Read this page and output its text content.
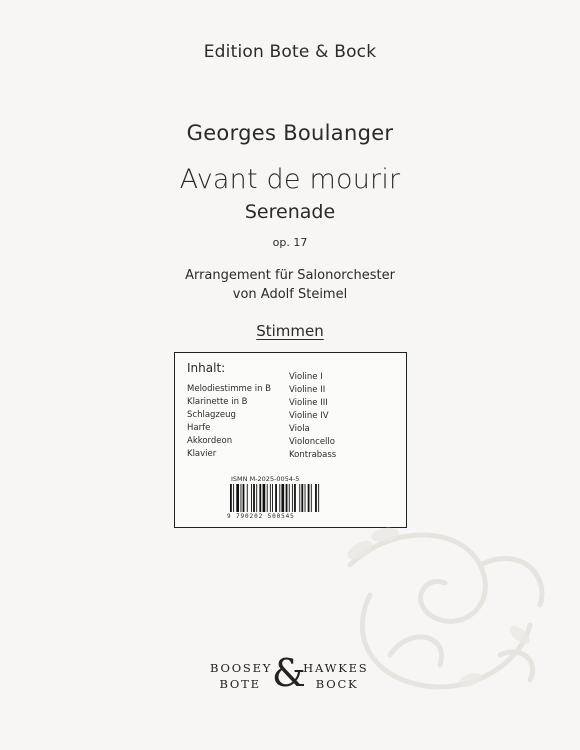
Edition Bote & Bock
Georges Boulanger
Avant de mourir
Serenade
op. 17
Arrangement für Salonorchester
von Adolf Steimel
Stimmen
Inhalt:
Melodiestimme in B
Klarinette in B
Schlagzeug
Harfe
Akkordeon
Klavier
Violine I
Violine II
Violine III
Violine IV
Viola
Violoncello
Kontrabass
ISMN M-2025-0054-5
9 790202 500545
BOOSEY	HAWKES
BOTE	BOCK
&
